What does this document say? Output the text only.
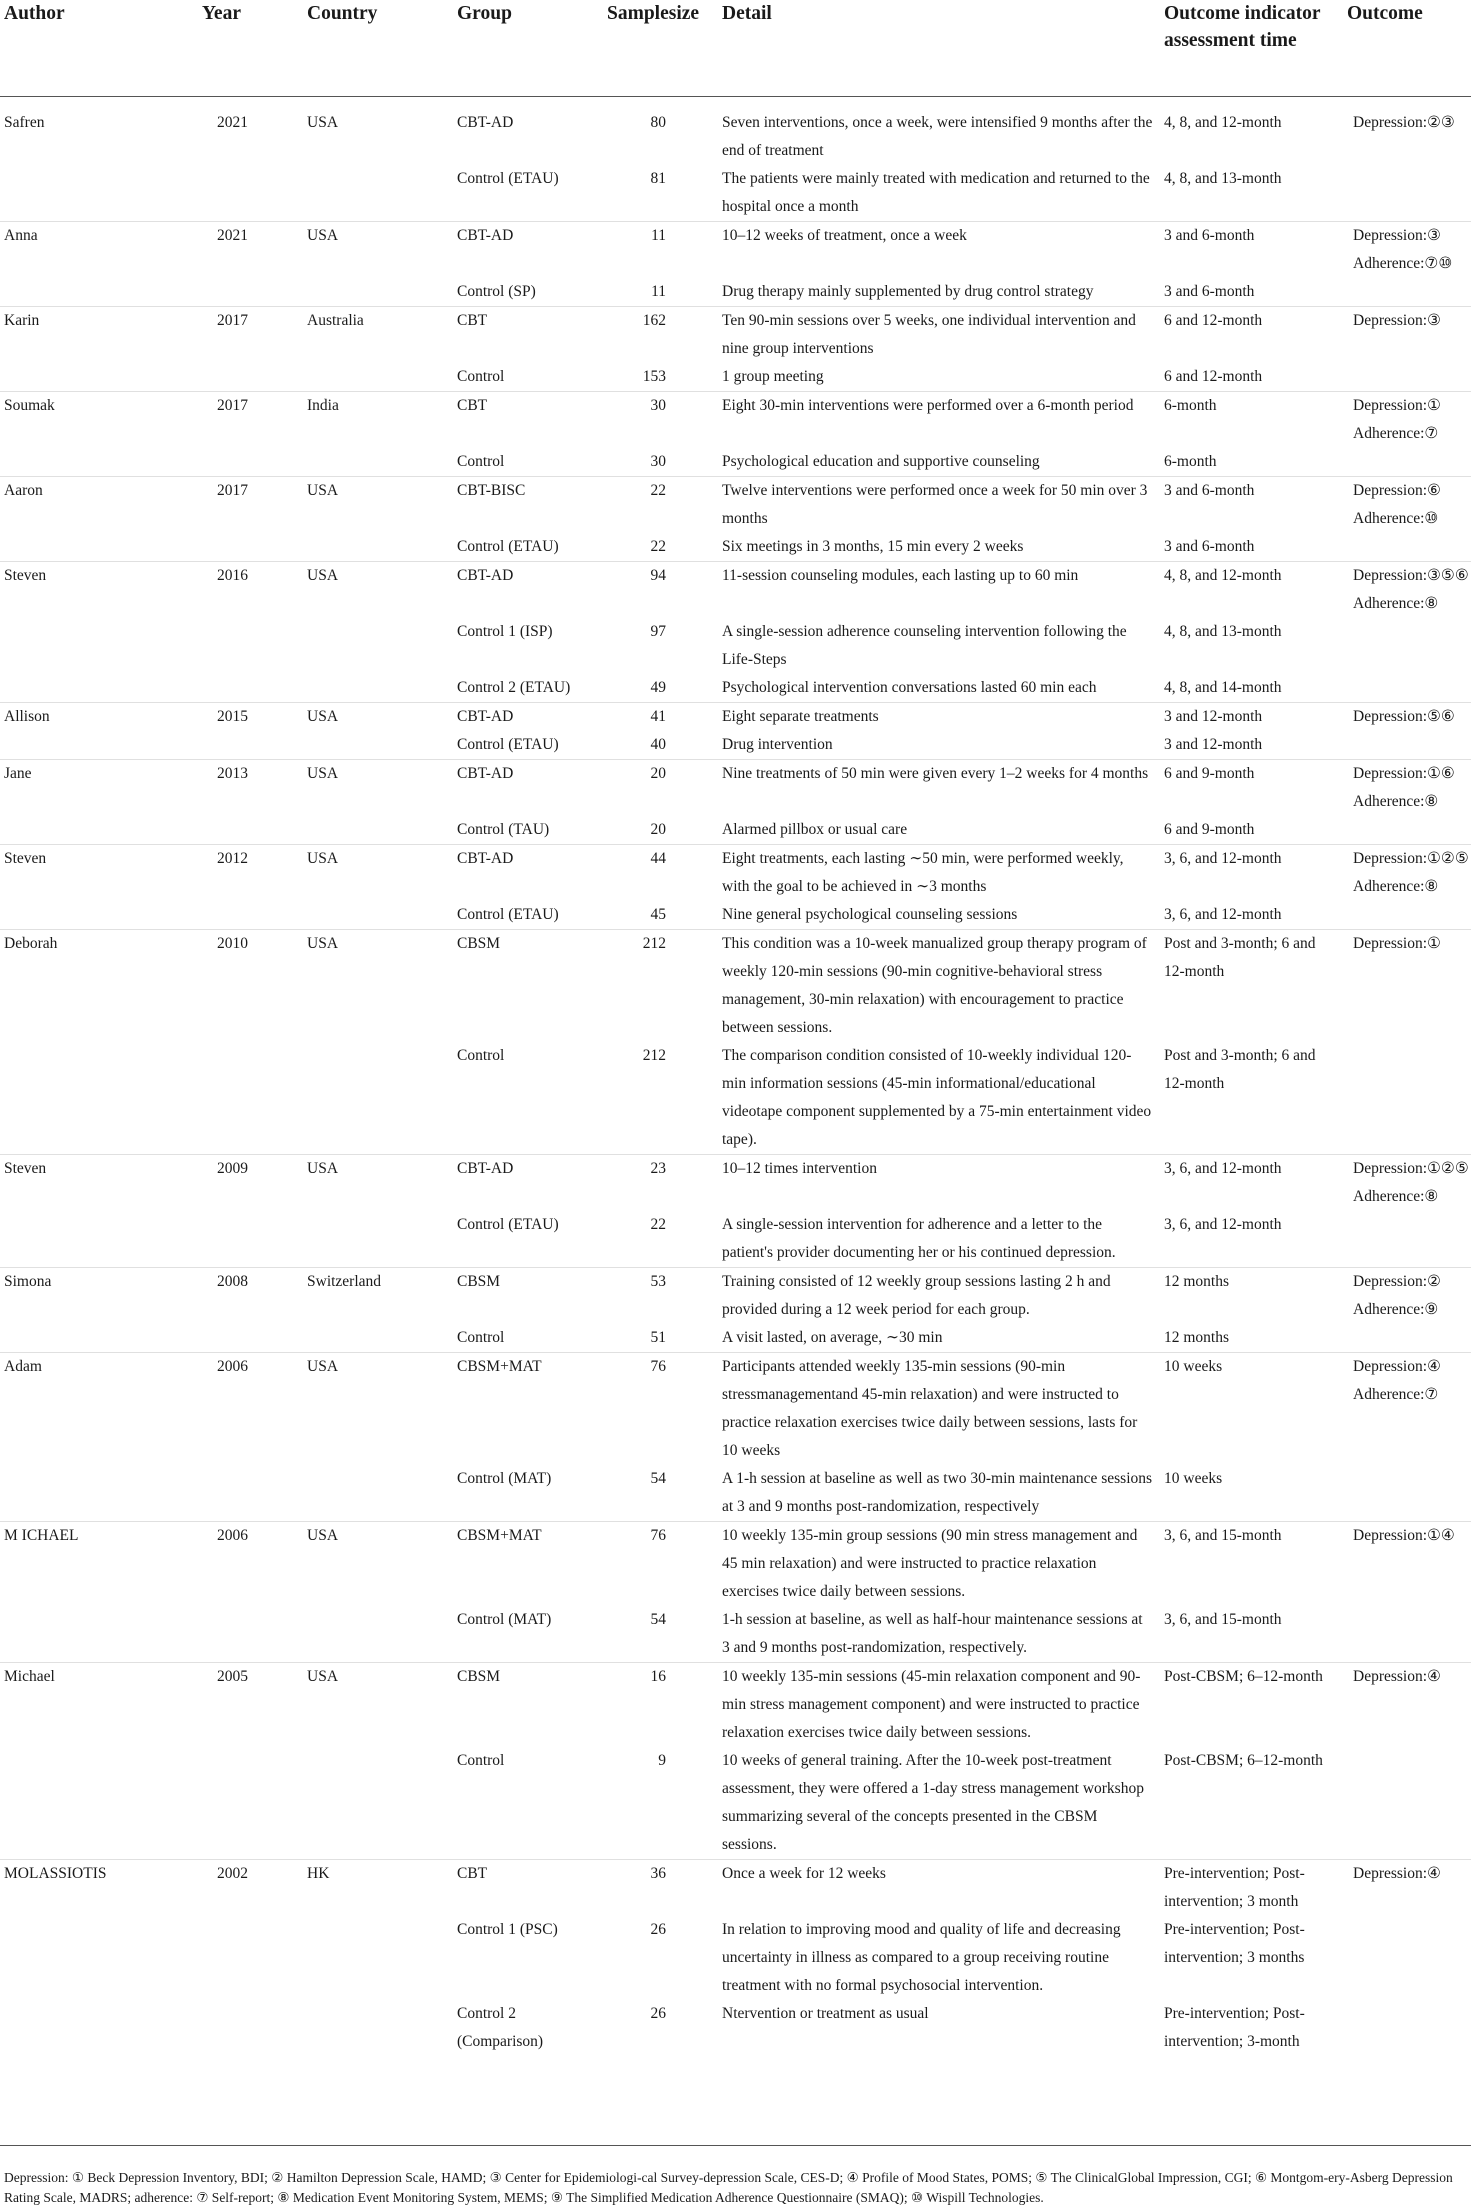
Author	Year	Country	Group	Samplesize	Detail	Outcome indicator assessment time	Outcome
Safren	2021	USA	CBT-AD	80	Seven interventions, once a week, were intensified 9 months after the end of treatment	4, 8, and 12-month	Depression:②③
			Control (ETAU)	81	The patients were mainly treated with medication and returned to the hospital once a month	4, 8, and 13-month	
Anna	2021	USA	CBT-AD	11	10–12 weeks of treatment, once a week	3 and 6-month	Depression:③ Adherence:⑦⑩
			Control (SP)	11	Drug therapy mainly supplemented by drug control strategy	3 and 6-month	
Karin	2017	Australia	CBT	162	Ten 90-min sessions over 5 weeks, one individual intervention and nine group interventions	6 and 12-month	Depression:③
			Control	153	1 group meeting	6 and 12-month	
Soumak	2017	India	CBT	30	Eight 30-min interventions were performed over a 6-month period	6-month	Depression:① Adherence:⑦
			Control	30	Psychological education and supportive counseling	6-month	
Aaron	2017	USA	CBT-BISC	22	Twelve interventions were performed once a week for 50 min over 3 months	3 and 6-month	Depression:⑥ Adherence:⑩
			Control (ETAU)	22	Six meetings in 3 months, 15 min every 2 weeks	3 and 6-month	
Steven	2016	USA	CBT-AD	94	11-session counseling modules, each lasting up to 60 min	4, 8, and 12-month	Depression:③⑤⑥ Adherence:⑧
			Control 1 (ISP)	97	A single-session adherence counseling intervention following the Life-Steps	4, 8, and 13-month	
			Control 2 (ETAU)	49	Psychological intervention conversations lasted 60 min each	4, 8, and 14-month	
Allison	2015	USA	CBT-AD	41	Eight separate treatments	3 and 12-month	Depression:⑤⑥
			Control (ETAU)	40	Drug intervention	3 and 12-month	
Jane	2013	USA	CBT-AD	20	Nine treatments of 50 min were given every 1–2 weeks for 4 months	6 and 9-month	Depression:①⑥ Adherence:⑧
			Control (TAU)	20	Alarmed pillbox or usual care	6 and 9-month	
Steven	2012	USA	CBT-AD	44	Eight treatments, each lasting ∼50 min, were performed weekly, with the goal to be achieved in ∼3 months	3, 6, and 12-month	Depression:①②⑤ Adherence:⑧
			Control (ETAU)	45	Nine general psychological counseling sessions	3, 6, and 12-month	
Deborah	2010	USA	CBSM	212	This condition was a 10-week manualized group therapy program of weekly 120-min sessions (90-min cognitive-behavioral stress management, 30-min relaxation) with encouragement to practice between sessions.	Post and 3-month; 6 and 12-month	Depression:①
			Control	212	The comparison condition consisted of 10-weekly individual 120-min information sessions (45-min informational/educational videotape component supplemented by a 75-min entertainment video tape).	Post and 3-month; 6 and 12-month	
Steven	2009	USA	CBT-AD	23	10–12 times intervention	3, 6, and 12-month	Depression:①②⑤ Adherence:⑧
			Control (ETAU)	22	A single-session intervention for adherence and a letter to the patient's provider documenting her or his continued depression.	3, 6, and 12-month	
Simona	2008	Switzerland	CBSM	53	Training consisted of 12 weekly group sessions lasting 2 h and provided during a 12 week period for each group.	12 months	Depression:② Adherence:⑨
			Control	51	A visit lasted, on average, ∼30 min	12 months	
Adam	2006	USA	CBSM+MAT	76	Participants attended weekly 135-min sessions (90-min stressmanagementand 45-min relaxation) and were instructed to practice relaxation exercises twice daily between sessions, lasts for 10 weeks	10 weeks	Depression:④ Adherence:⑦
			Control (MAT)	54	A 1-h session at baseline as well as two 30-min maintenance sessions at 3 and 9 months post-randomization, respectively	10 weeks	
M ICHAEL	2006	USA	CBSM+MAT	76	10 weekly 135-min group sessions (90 min stress management and 45 min relaxation) and were instructed to practice relaxation exercises twice daily between sessions.	3, 6, and 15-month	Depression:①④
			Control (MAT)	54	1-h session at baseline, as well as half-hour maintenance sessions at 3 and 9 months post-randomization, respectively.	3, 6, and 15-month	
Michael	2005	USA	CBSM	16	10 weekly 135-min sessions (45-min relaxation component and 90-min stress management component) and were instructed to practice relaxation exercises twice daily between sessions.	Post-CBSM; 6–12-month	Depression:④
			Control	9	10 weeks of general training. After the 10-week post-treatment assessment, they were offered a 1-day stress management workshop summarizing several of the concepts presented in the CBSM sessions.	Post-CBSM; 6–12-month	
MOLASSIOTIS	2002	HK	CBT	36	Once a week for 12 weeks	Pre-intervention; Post-intervention; 3 month	Depression:④
			Control 1 (PSC)	26	In relation to improving mood and quality of life and decreasing uncertainty in illness as compared to a group receiving routine treatment with no formal psychosocial intervention.	Pre-intervention; Post-intervention; 3 months	
			Control 2 (Comparison)	26	Ntervention or treatment as usual	Pre-intervention; Post-intervention; 3-month	
Depression: ① Beck Depression Inventory, BDI; ② Hamilton Depression Scale, HAMD; ③ Center for Epidemiologi-cal Survey-depression Scale, CES-D; ④ Profile of Mood States, POMS; ⑤ The ClinicalGlobal Impression, CGI; ⑥ Montgom-ery-Asberg Depression Rating Scale, MADRS; adherence: ⑦ Self-report; ⑧ Medication Event Monitoring System, MEMS; ⑨ The Simplified Medication Adherence Questionnaire (SMAQ); ⑩ Wispill Technologies.
